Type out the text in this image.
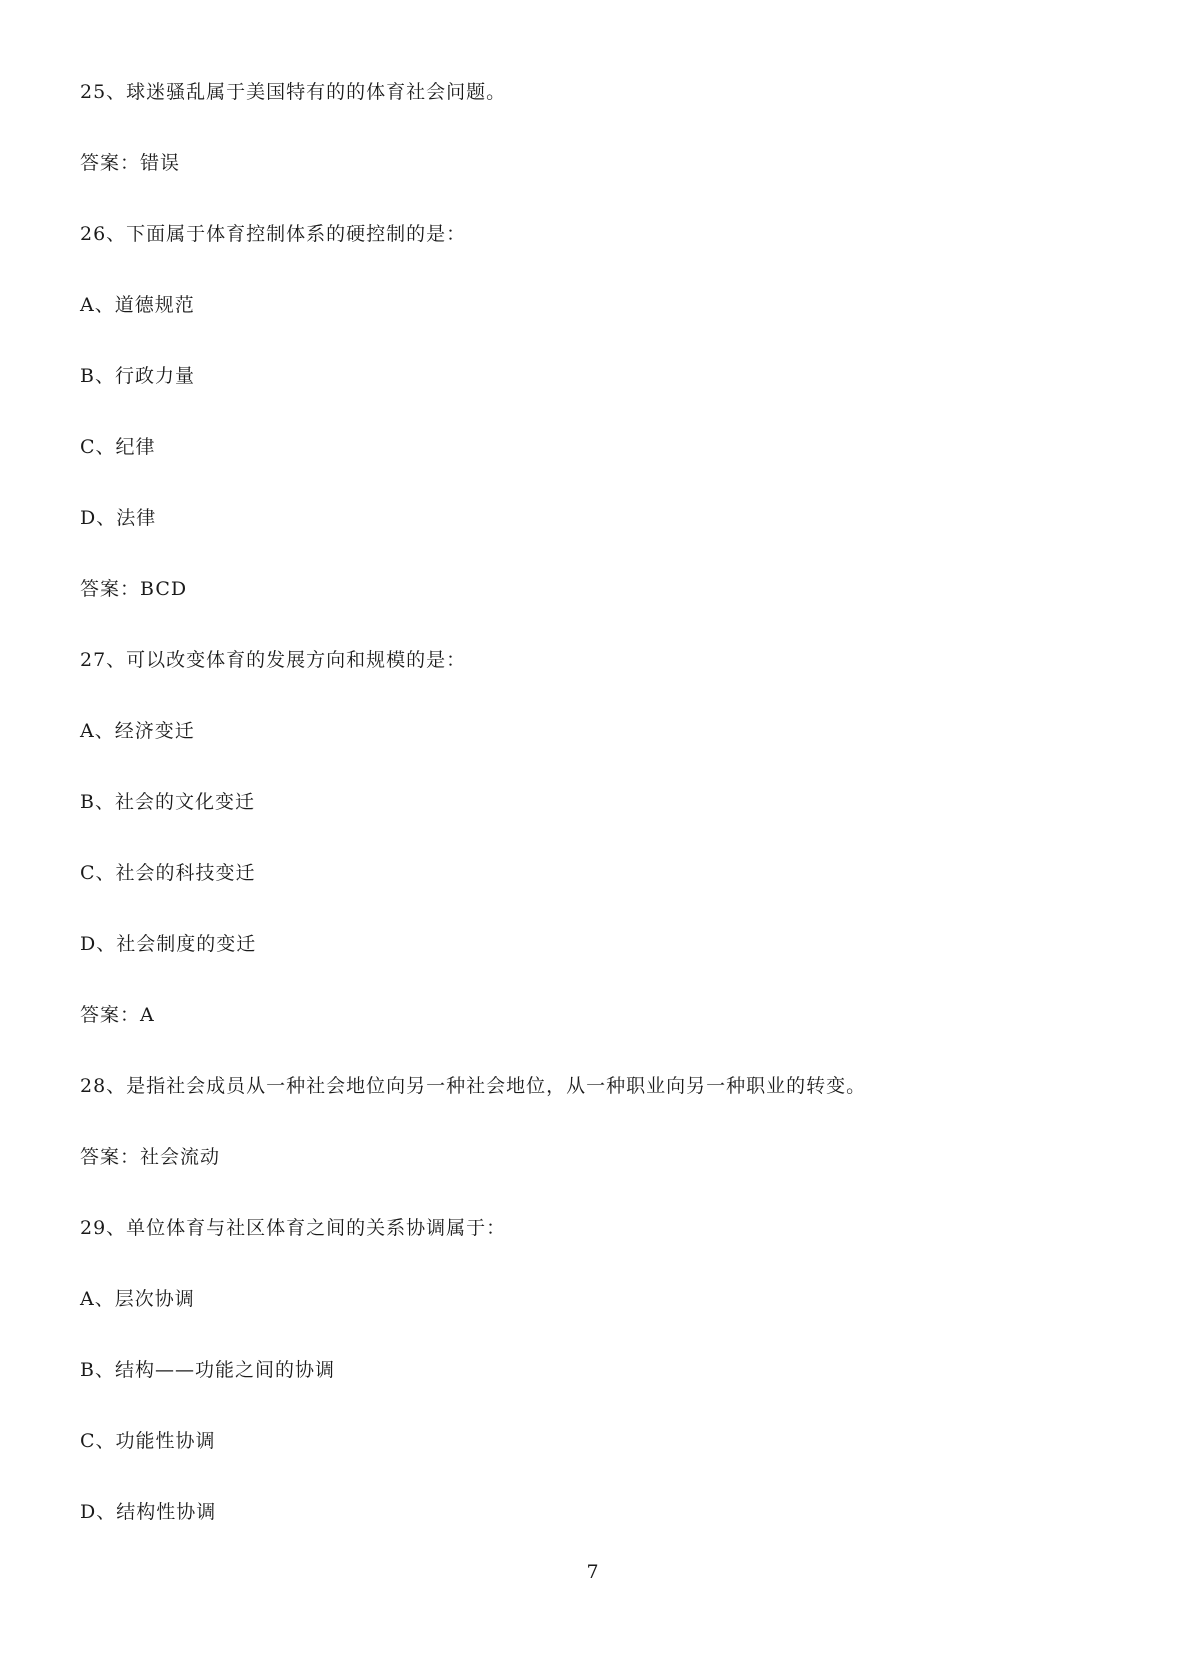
25、球迷骚乱属于美国特有的的体育社会问题。
答案：错误
26、下面属于体育控制体系的硬控制的是：
A、道德规范
B、行政力量
C、纪律
D、法律
答案：BCD
27、可以改变体育的发展方向和规模的是：
A、经济变迁
B、社会的文化变迁
C、社会的科技变迁
D、社会制度的变迁
答案：A
28、是指社会成员从一种社会地位向另一种社会地位，从一种职业向另一种职业的转变。
答案：社会流动
29、单位体育与社区体育之间的关系协调属于：
A、层次协调
B、结构——功能之间的协调
C、功能性协调
D、结构性协调
7
